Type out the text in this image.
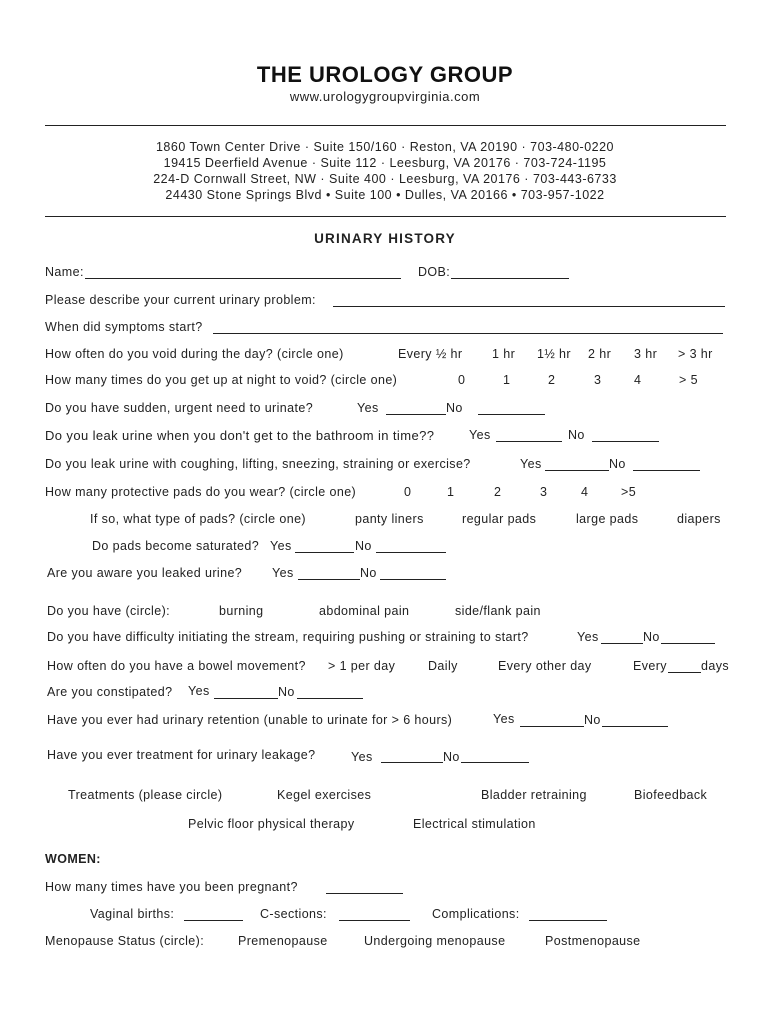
THE UROLOGY GROUP
www.urologygroupvirginia.com
1860 Town Center Drive · Suite 150/160 · Reston, VA 20190 · 703-480-0220
19415 Deerfield Avenue · Suite 112 · Leesburg, VA 20176 · 703-724-1195
224-D Cornwall Street, NW · Suite 400 · Leesburg, VA 20176 · 703-443-6733
24430 Stone Springs Blvd • Suite 100 • Dulles, VA 20166 • 703-957-1022
URINARY HISTORY
Name:	DOB:
Please describe your current urinary problem:
When did symptoms start?
How often do you void during the day? (circle one)	Every ½ hr 1 hr 1½ hr 2 hr 3 hr > 3 hr
How many times do you get up at night to void? (circle one)	0	1	2	3	4	> 5
Do you have sudden, urgent need to urinate?	Yes	No
Do you leak urine when you don't get to the bathroom in time??	Yes	No
Do you leak urine with coughing, lifting, sneezing, straining or exercise?	Yes	No
How many protective pads do you wear? (circle one)	0	1	2	3	4	>5
If so, what type of pads? (circle one)	panty liners	regular pads	large pads	diapers
Do pads become saturated? Yes	No
Are you aware you leaked urine? Yes	No
Do you have (circle):	burning	abdominal pain	side/flank pain
Do you have difficulty initiating the stream, requiring pushing or straining to start?	Yes	No
How often do you have a bowel movement? > 1 per day	Daily	Every other day	Every	days
Are you constipated? Yes	No
Have you ever had urinary retention (unable to urinate for > 6 hours)	Yes	No
Have you ever treatment for urinary leakage?	Yes	No
Treatments (please circle)	Kegel exercises	Bladder retraining	Biofeedback
Pelvic floor physical therapy	Electrical stimulation
WOMEN:
How many times have you been pregnant?
Vaginal births:	C-sections:	Complications:
Menopause Status (circle):	Premenopause	Undergoing menopause	Postmenopause
